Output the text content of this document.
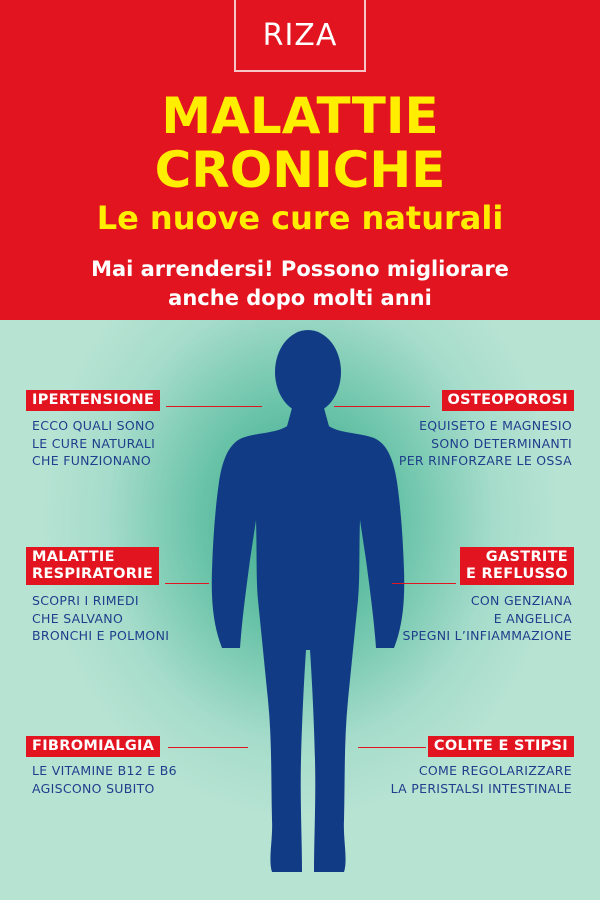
RIZA
MALATTIE
CRONICHE
Le nuove cure naturali
Mai arrendersi! Possono migliorare
anche dopo molti anni
IPERTENSIONE
ECCO QUALI SONO
LE CURE NATURALI
CHE FUNZIONANO
MALATTIE
RESPIRATORIE
SCOPRI I RIMEDI
CHE SALVANO
BRONCHI E POLMONI
FIBROMIALGIA
LE VITAMINE B12 E B6
AGISCONO SUBITO
OSTEOPOROSI
EQUISETO E MAGNESIO
SONO DETERMINANTI
PER RINFORZARE LE OSSA
GASTRITE
E REFLUSSO
CON GENZIANA
E ANGELICA
SPEGNI L’INFIAMMAZIONE
COLITE E STIPSI
COME REGOLARIZZARE
LA PERISTALSI INTESTINALE
